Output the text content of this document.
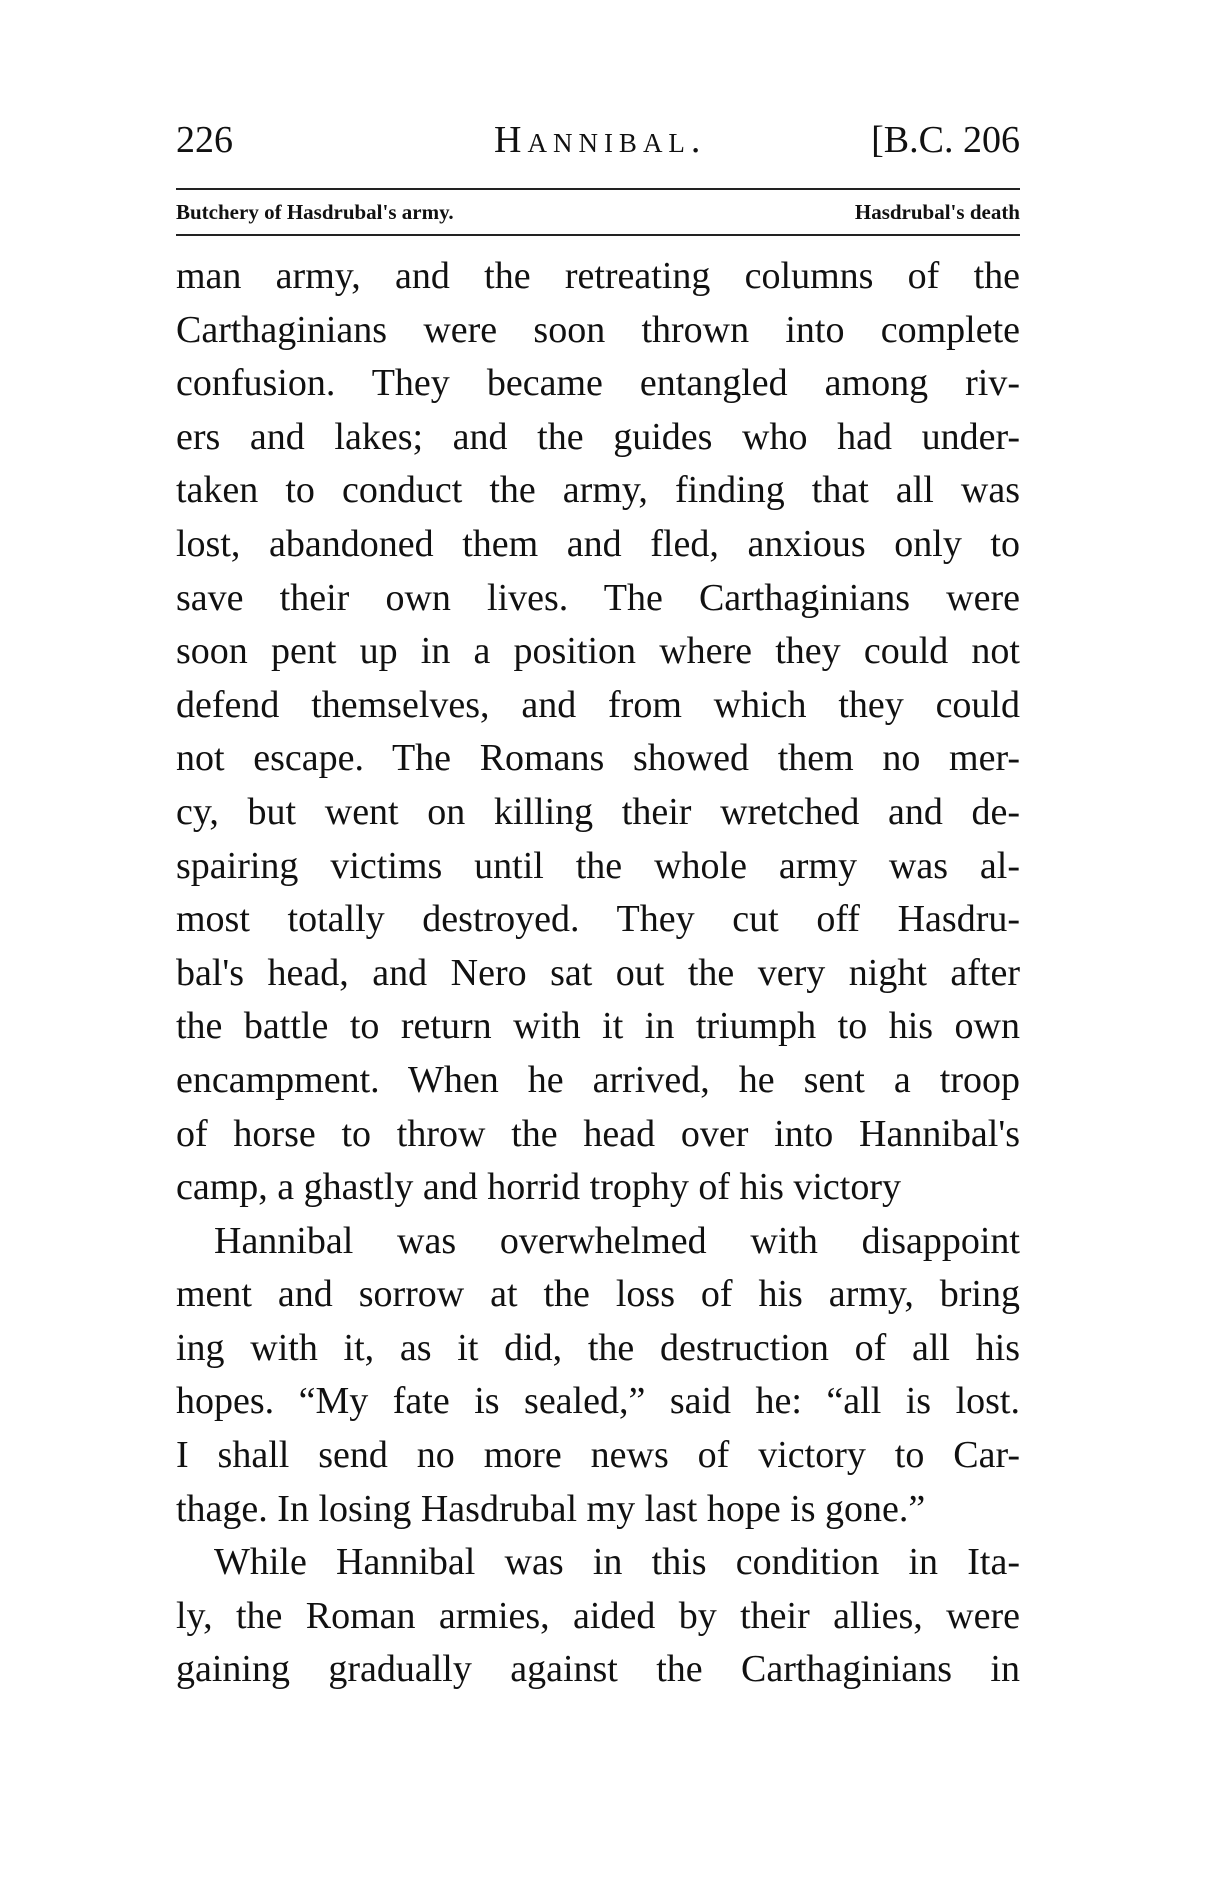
226	Hannibal.	[B.C. 206
Butchery of Hasdrubal's army.	Hasdrubal's death
man army, and the retreating columns of the
Carthaginians were soon thrown into complete
confusion. They became entangled among riv-
ers and lakes; and the guides who had under-
taken to conduct the army, finding that all was
lost, abandoned them and fled, anxious only to
save their own lives. The Carthaginians were
soon pent up in a position where they could not
defend themselves, and from which they could
not escape. The Romans showed them no mer-
cy, but went on killing their wretched and de-
spairing victims until the whole army was al-
most totally destroyed. They cut off Hasdru-
bal's head, and Nero sat out the very night after
the battle to return with it in triumph to his own
encampment. When he arrived, he sent a troop
of horse to throw the head over into Hannibal's
camp, a ghastly and horrid trophy of his victory
Hannibal was overwhelmed with disappoint
ment and sorrow at the loss of his army, bring
ing with it, as it did, the destruction of all his
hopes. “My fate is sealed,” said he: “all is lost.
I shall send no more news of victory to Car-
thage. In losing Hasdrubal my last hope is gone.”
While Hannibal was in this condition in Ita-
ly, the Roman armies, aided by their allies, were
gaining gradually against the Carthaginians in
